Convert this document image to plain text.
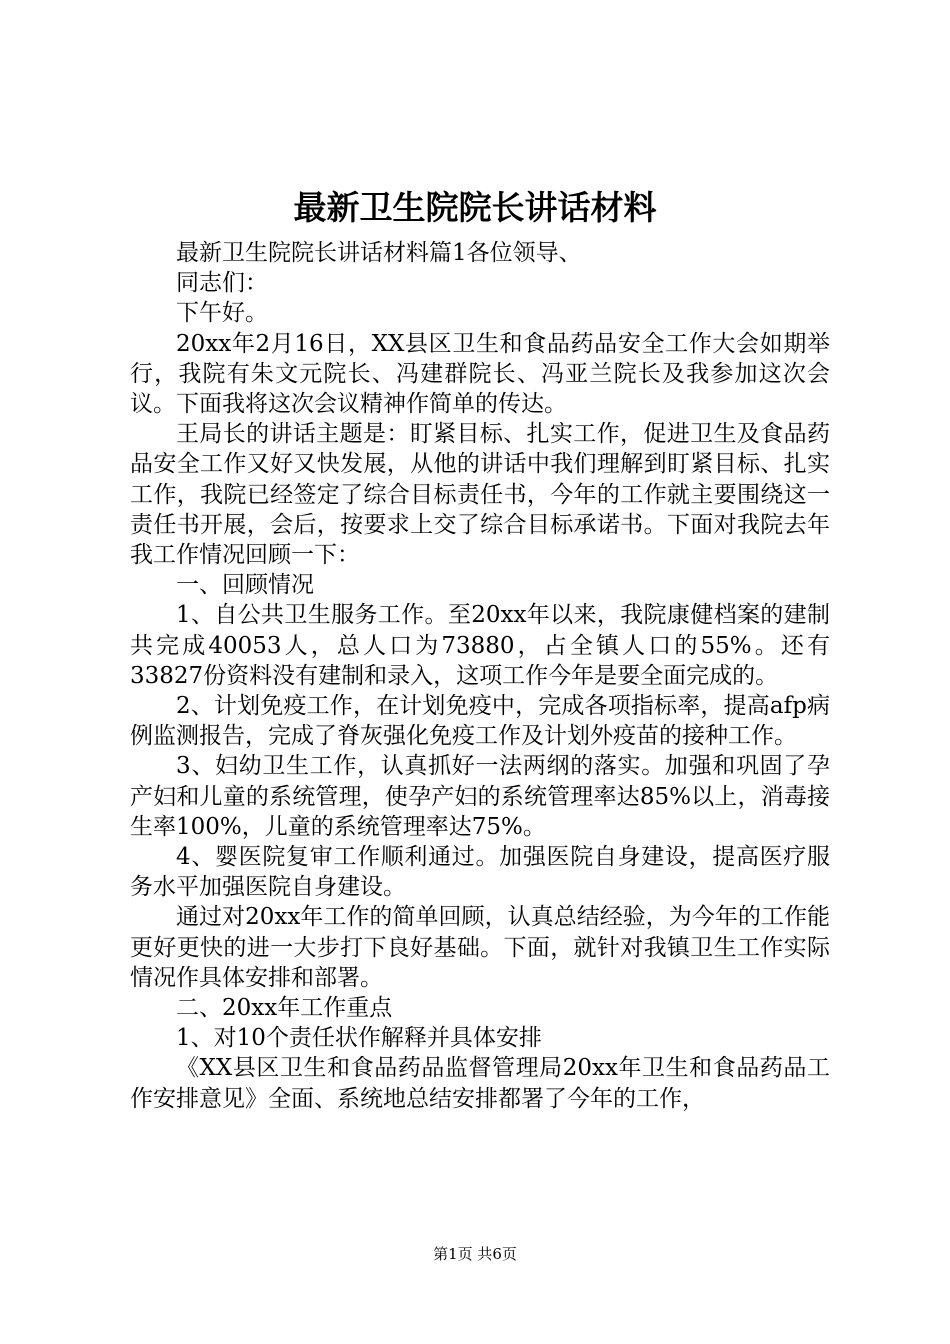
最新卫生院院长讲话材料

最新卫生院院长讲话材料篇1各位领导、

同志们：

下午好。

20xx年2月16日，XX县区卫生和食品药品安全工作大会如期举行，我院有朱文元院长、冯建群院长、冯亚兰院长及我参加这次会议。下面我将这次会议精神作简单的传达。

王局长的讲话主题是：盯紧目标、扎实工作，促进卫生及食品药品安全工作又好又快发展，从他的讲话中我们理解到盯紧目标、扎实工作，我院已经签定了综合目标责任书，今年的工作就主要围绕这一责任书开展，会后，按要求上交了综合目标承诺书。下面对我院去年我工作情况回顾一下：

一、回顾情况

1、自公共卫生服务工作。至20xx年以来，我院康健档案的建制共完成40053人，总人口为73880，占全镇人口的55%。还有33827份资料没有建制和录入，这项工作今年是要全面完成的。

2、计划免疫工作，在计划免疫中，完成各项指标率，提高afp病例监测报告，完成了脊灰强化免疫工作及计划外疫苗的接种工作。

3、妇幼卫生工作，认真抓好一法两纲的落实。加强和巩固了孕产妇和儿童的系统管理，使孕产妇的系统管理率达85%以上，消毒接生率100%，儿童的系统管理率达75%。

4、婴医院复审工作顺利通过。加强医院自身建设，提高医疗服务水平加强医院自身建设。

通过对20xx年工作的简单回顾，认真总结经验，为今年的工作能更好更快的进一大步打下良好基础。下面，就针对我镇卫生工作实际情况作具体安排和部署。

二、20xx年工作重点

1、对10个责任状作解释并具体安排

《XX县区卫生和食品药品监督管理局20xx年卫生和食品药品工作安排意见》全面、系统地总结安排都署了今年的工作，

第1页 共6页
